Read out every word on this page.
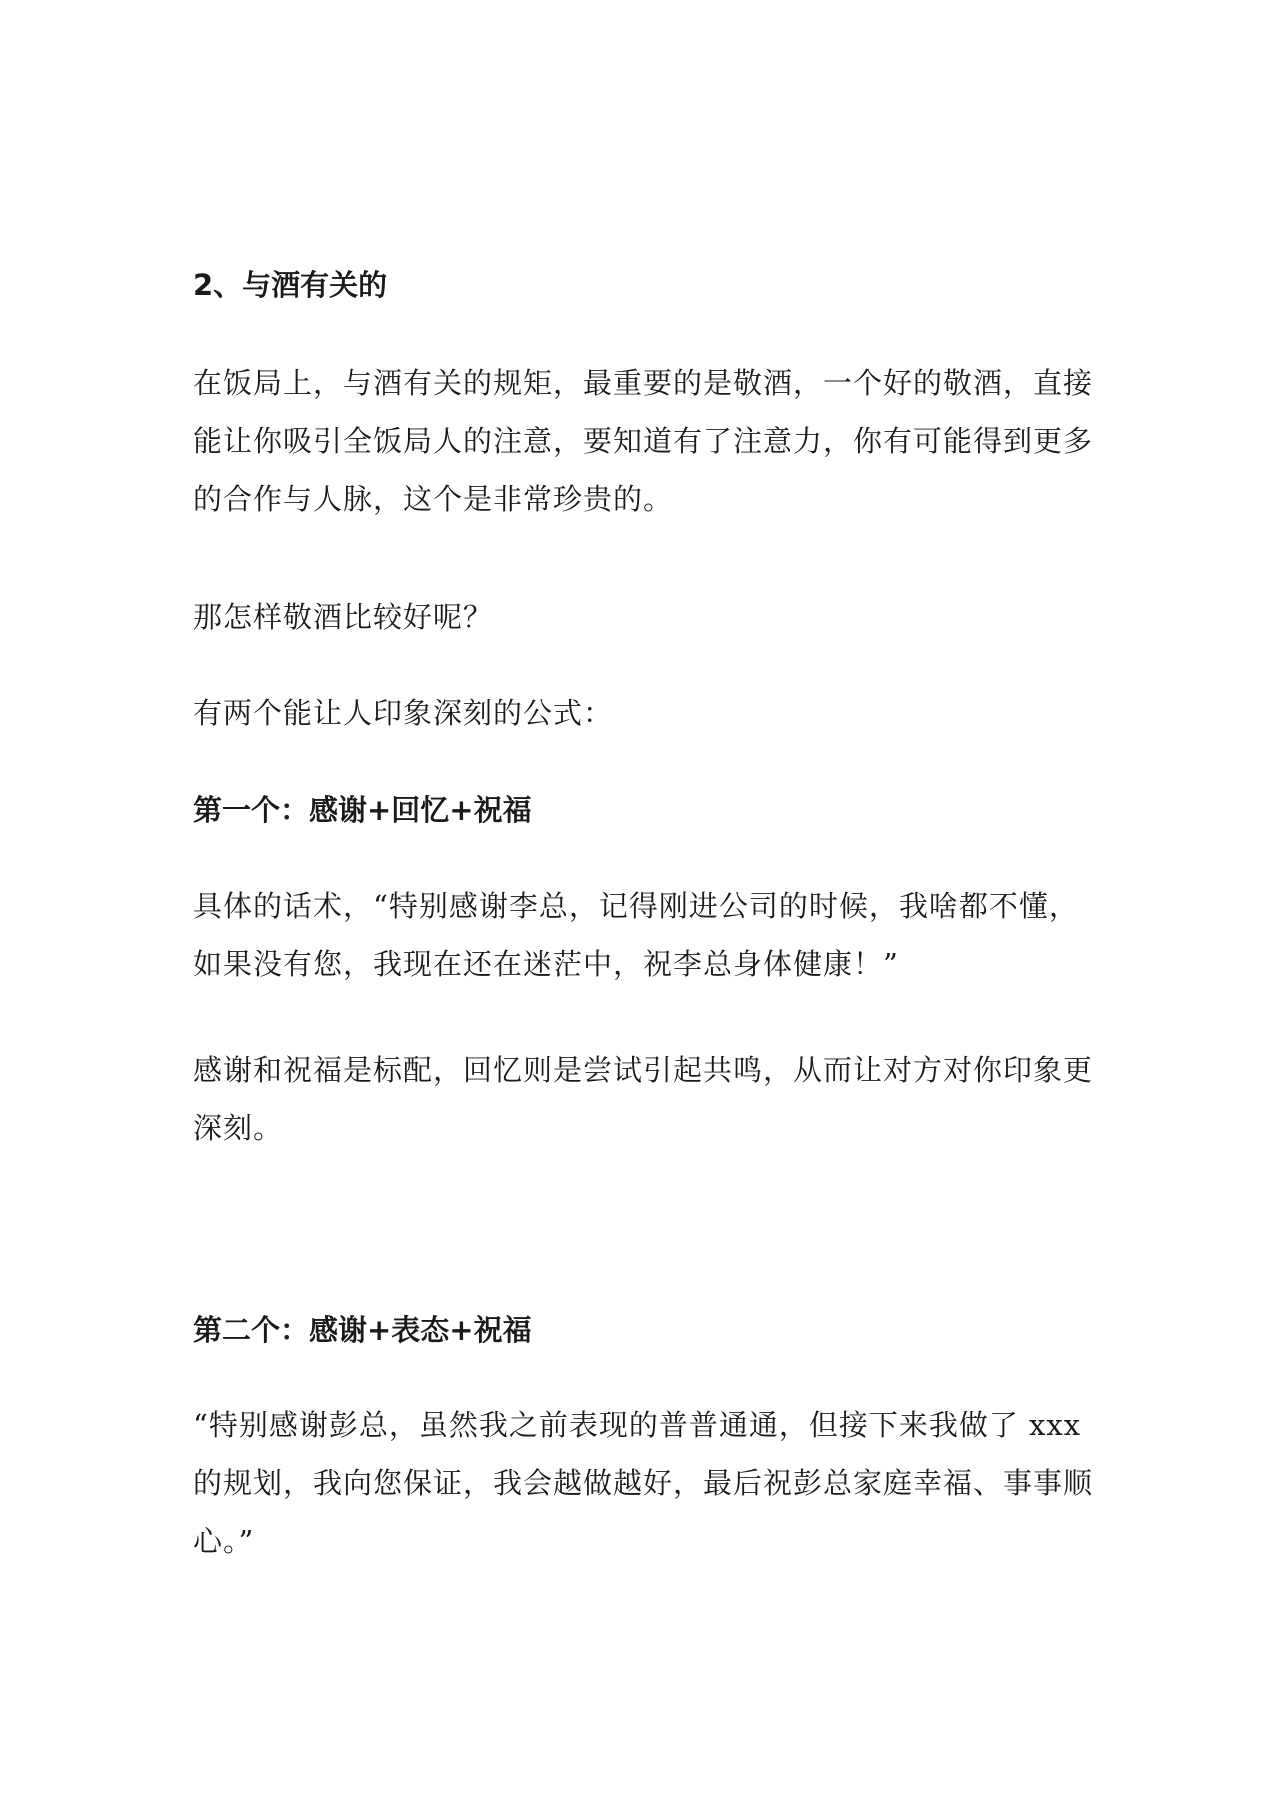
2、与酒有关的
在饭局上，与酒有关的规矩，最重要的是敬酒，一个好的敬酒，直接
能让你吸引全饭局人的注意，要知道有了注意力，你有可能得到更多
的合作与人脉，这个是非常珍贵的。
那怎样敬酒比较好呢？
有两个能让人印象深刻的公式：
第一个：感谢+回忆+祝福
具体的话术，“特别感谢李总，记得刚进公司的时候，我啥都不懂，
如果没有您，我现在还在迷茫中，祝李总身体健康！”
感谢和祝福是标配，回忆则是尝试引起共鸣，从而让对方对你印象更
深刻。
第二个：感谢+表态+祝福
“特别感谢彭总，虽然我之前表现的普普通通，但接下来我做了 xxx
的规划，我向您保证，我会越做越好，最后祝彭总家庭幸福、事事顺
心。”
